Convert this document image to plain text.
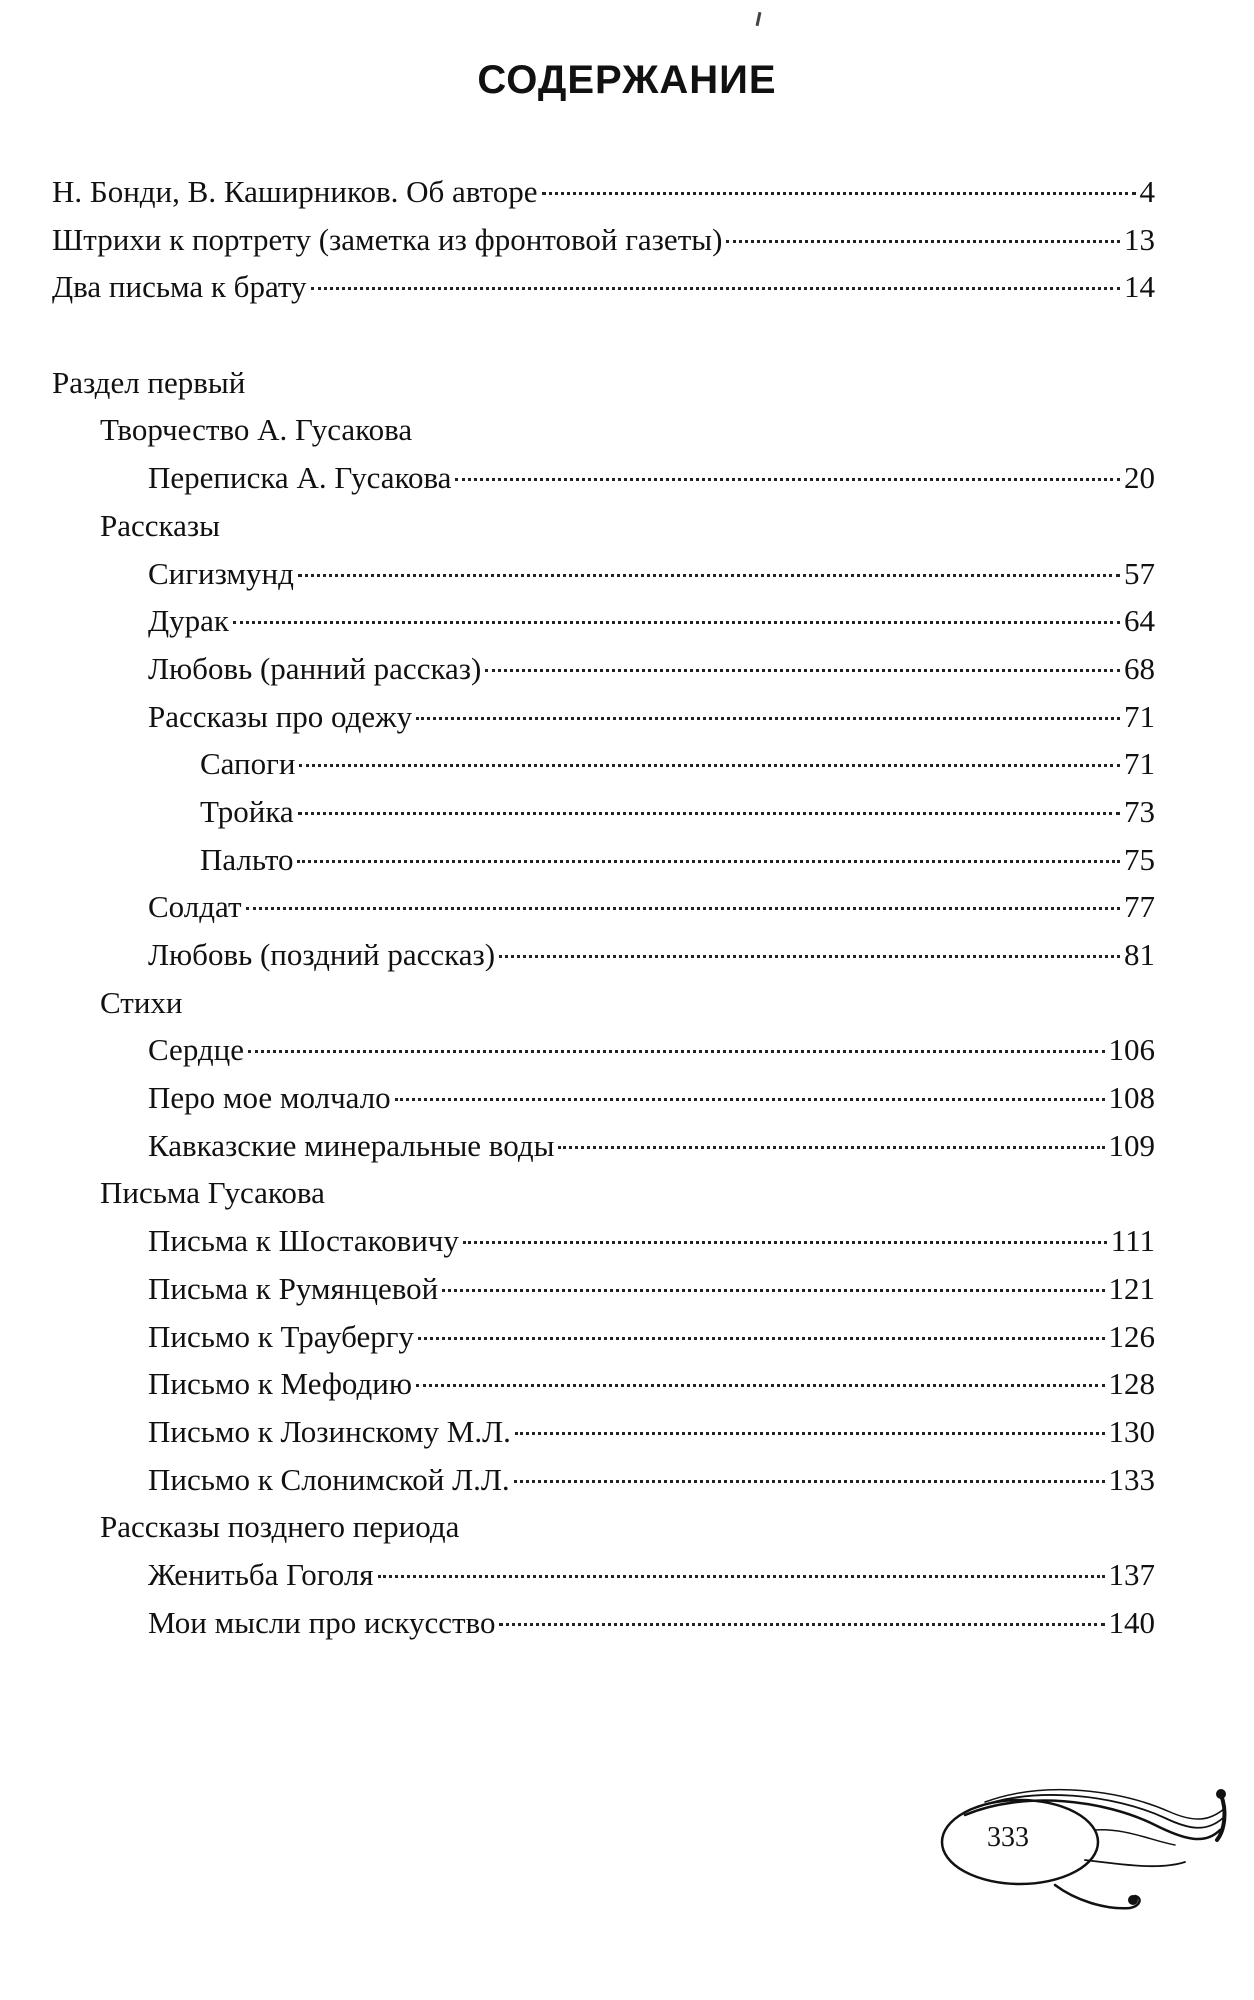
СОДЕРЖАНИЕ
Н. Бонди, В. Каширников. Об авторе	4
Штрихи к портрету (заметка из фронтовой газеты)	13
Два письма к брату	14
Раздел первый
Творчество А. Гусакова
Переписка А. Гусакова	20
Рассказы
Сигизмунд	57
Дурак	64
Любовь (ранний рассказ)	68
Рассказы про одежу	71
Сапоги	71
Тройка	73
Пальто	75
Солдат	77
Любовь (поздний рассказ)	81
Стихи
Сердце	106
Перо мое молчало	108
Кавказские минеральные воды	109
Письма Гусакова
Письма к Шостаковичу	111
Письма к Румянцевой	121
Письмо к Траубергу	126
Письмо к Мефодию	128
Письмо к Лозинскому М.Л.	130
Письмо к Слонимской Л.Л.	133
Рассказы позднего периода
Женитьба Гоголя	137
Мои мысли про искусство	140
333
